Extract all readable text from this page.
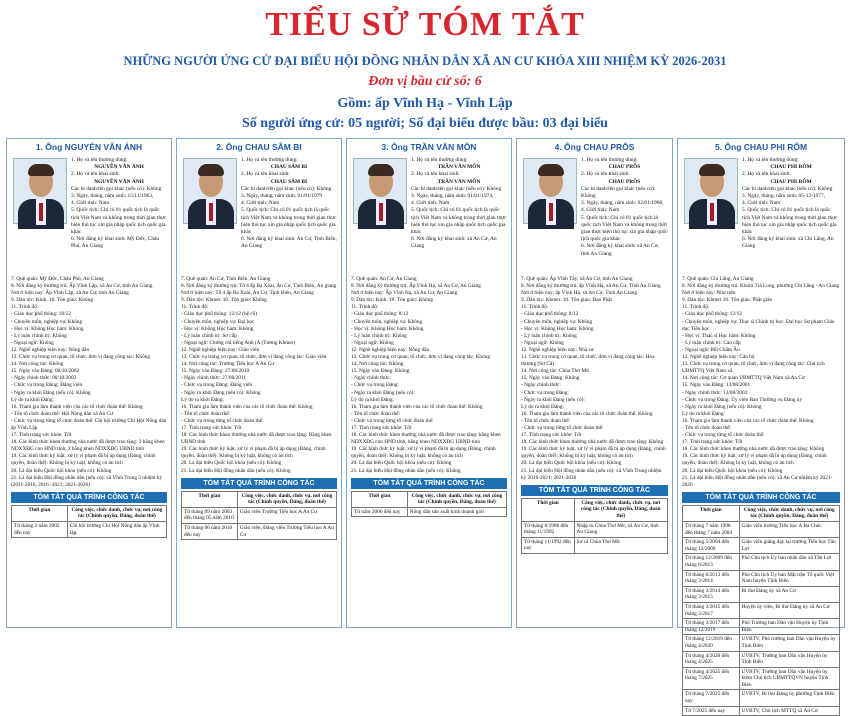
TIỂU SỬ TÓM TẮT
NHỮNG NGƯỜI ỨNG CỬ ĐẠI BIỂU HỘI ĐỒNG NHÂN DÂN XÃ AN CƯ KHÓA XIII NHIỆM KỲ 2026-2031
Đơn vị bầu cử số: 6
Gồm: ấp Vĩnh Hạ - Vĩnh Lập
Số người ứng cử: 05 người; Số đại biểu được bầu: 03 đại biểu
1. Ông NGUYỄN VĂN ÁNH
1. Họ và tên thường dùng:
NGUYỄN VĂN ÁNH
2. Họ và tên khai sinh:
NGUYỄN VĂN ÁNH
Các bí danh/tên gọi khác (nếu có): Không
3. Ngày, tháng, năm sinh: 15/11/1963,
4. Giới tính: Nam
5. Quốc tịch: Chỉ có 01 quốc tịch là quốc tịch Việt Nam và không trong thời gian thực hiện thủ tục xin gia nhập quốc tịch quốc gia khác
6. Nơi đăng ký khai sinh: Mỹ Đức, Châu Phú, An Giang
7. Quê quán: Mỹ Đức, Châu Phú, An Giang
8. Nơi đăng ký thường trú: Ấp Vĩnh Lập, xã An Cư, tỉnh An Giang
Nơi ở hiện nay: Ấp Vĩnh Lập, xã An Cư, tỉnh An Giang
9. Dân tộc: Kinh. 10. Tôn giáo: Không
11. Trình độ:
- Giáo dục phổ thông: 10/12
- Chuyên môn, nghiệp vụ: Không
- Học vị: Không Học hàm: Không
- Lý luận chính trị: Không
- Ngoại ngữ: Không
12. Nghề nghiệp hiện nay: Nông dân
13. Chức vụ trong cơ quan, tổ chức, đơn vị đang công tác: Không
14. Nơi công tác: Không
15. Ngày vào Đảng: 00/10/2002
- Ngày chính thức: 00/10/2003
- Chức vụ trong Đảng: Đảng viên
- Ngày ra khỏi Đảng (nếu có): Không
Lý do ra khỏi Đảng:
16. Tham gia làm thành viên của các tổ chức đoàn thể: Không
- Tên tổ chức đoàn thể: Hội Nông dân xã An Cư
- Chức vụ trong từng tổ chức đoàn thể: Chi hội trưởng Chi Hội Nông dân ấp Vĩnh Lập
17. Tình trạng sức khỏe: Tốt
18. Các hình thức khen thưởng nhà nước đã được trao tặng: 3 bằng khen NDXXĐG con HND tỉnh, 2 bằng khen NDXXĐG UBND tỉnh
19. Các hình thức kỷ luật, xử lý vi phạm đã bị áp dụng (Đảng, chính quyền, đoàn thể): Không bị kỷ luật, không có án tích
20. Là đại biểu Quốc hội khóa (nếu có): Không
21. Là đại biểu Hội đồng nhân dân (nếu có): xã Vĩnh Trung 3 nhiệm kỳ (2011-2016, 2016 -2021; 2021-2026)
TÓM TẮT QUÁ TRÌNH CÔNG TÁC
Thời gian	Công việc, chức danh, chức vụ, nơi công tác (Chính quyền, Đảng, đoàn thể)
Từ tháng 2 năm 2002 đến nay	Chi hội trưởng Chi Hội Nông dân ấp Vĩnh lập.
2. Ông CHAU SÂM BI
1. Họ và tên thường dùng:
CHAU SÂM BI
2. Họ và tên khai sinh:
CHAU SÂM BI
Các bí danh/tên gọi khác (nếu có): Không
3. Ngày, tháng, năm sinh: 01/01/1979
4. Giới tính: Nam
5. Quốc tịch: Chỉ có 01 quốc tịch là quốc tịch Việt Nam và không trong thời gian thực hiện thủ tục xin gia nhập quốc tịch quốc gia khác
6. Nơi đăng ký khai sinh: An Cư, Tịnh Biên, An Giang
7. Quê quán: An Cư, Tịnh Biên, An Giang
8. Nơi đăng ký thường trú: Tổ 4 ấp Ba Xoài, An Cư, Tịnh Biên, An giang
Nơi ở hiện nay: Tổ 4 ấp Ba Xoài, An Cư, Tịnh Biên, An Giang
9. Dân tộc: Khmer. 10. Tôn giáo: Không
11. Trình độ:
- Giáo dục phổ thông: 12/12 (hệ cũ)
- Chuyên môn, nghiệp vụ: Đại học
- Học vị: Không Học hàm: Không
- Lý luận chính trị: Sơ cấp
- Ngoại ngữ: Chứng chỉ tiếng Anh (A (Tương Khmer)
12. Nghề nghiệp hiện nay: Giáo viên
13. Chức vụ trong cơ quan, tổ chức, đơn vị đang công tác: Giáo viên
14. Nơi công tác: Trường Tiểu học A An Cư
15. Ngày vào Đảng: 27/08/2010
- Ngày chính thức: 27/08/2011
- Chức vụ trong Đảng: Đảng viên
- Ngày ra khỏi Đảng (nếu có): Không
Lý do ra khỏi Đảng:
16. Tham gia làm thành viên của các tổ chức đoàn thể: Không
- Tên tổ chức đoàn thể:
- Chức vụ trong từng tổ chức đoàn thể:
17. Tình trạng sức khỏe: Tốt
18. Các hình thức khen thưởng nhà nước đã được trao tặng: Bằng khen UBND tỉnh
19. Các hình thức kỷ luật, xử lý vi phạm đã bị áp dụng (Đảng, chính quyền, đoàn thể): Không bị kỷ luật, không có án tích
20. Là đại biểu Quốc hội khóa (nếu có): Không
21. Là đại biểu Hội đồng nhân dân (nếu có): Không
TÓM TẮT QUÁ TRÌNH CÔNG TÁC
Thời gian	Công việc, chức danh, chức vụ, nơi công tác (Chính quyền, Đảng, đoàn thể)
Từ tháng 09 năm 2003 đến tháng 05 năm 2010	Giáo viên Trường Tiểu học A An Cư
Từ tháng 06 năm 2010 đến nay	Giáo viên, Đảng viên Trường Tiểu học A An Cư
3. Ông TRẦN VĂN MÔN
1. Họ và tên thường dùng:
TRẦN VĂN MÔN
2. Họ và tên khai sinh:
TRẦN VĂN MÔN
Các bí danh/tên gọi khác (nếu có): Không
3. Ngày, tháng, năm sinh: 01/01/1974,
4. Giới tính: Nam
5. Quốc tịch: Chỉ có 01 quốc tịch là quốc tịch Việt Nam và không trong thời gian thực hiện thủ tục xin gia nhập quốc tịch quốc gia khác
6. Nơi đăng ký khai sinh: xã An Cư, An Giang
7. Quê quán: An Cư, An Giang
8. Nơi đăng ký thường trú: Ấp Vĩnh Hạ, xã An Cư, An Giang
Nơi ở hiện nay: Ấp Vĩnh Hạ, xã An Cư, An Giang
9. Dân tộc: Kinh. 10. Tôn giáo: Không
11. Trình độ:
- Giáo dục phổ thông: 8/12
- Chuyên môn, nghiệp vụ: Không
- Học vị: Không Học hàm: Không
- Lý luận chính trị: Không
- Ngoại ngữ: Không
12. Nghề nghiệp hiện nay: Nông dân
13. Chức vụ trong cơ quan, tổ chức, đơn vị đang công tác: Không
14. Nơi công tác: Không
15. Ngày vào Đảng: Không
- Ngày chính thức:
- Chức vụ trong Đảng:
- Ngày ra khỏi Đảng (nếu có):
Lý do ra khỏi Đảng:
16. Tham gia làm thành viên của các tổ chức đoàn thể: Không
- Tên tổ chức đoàn thể:
- Chức vụ trong từng tổ chức đoàn thể:
17. Tình trạng sức khỏe: Tốt
18. Các hình thức khen thưởng nhà nước đã được trao tặng: bằng khen NDXXĐG con HND tỉnh, bằng khen NDXXĐG UBND tỉnh
19. Các hình thức kỷ luật, xử lý vi phạm đã bị áp dụng (Đảng, chính quyền, đoàn thể): Không bị kỷ luật, không có án tích
20. Là đại biểu Quốc hội khóa (nếu có): Không
21. Là đại biểu Hội đồng nhân dân (nếu có): Không
TÓM TẮT QUÁ TRÌNH CÔNG TÁC
Thời gian	Công việc, chức danh, chức vụ, nơi công tác (Chính quyền, Đảng, đoàn thể)
Từ năm 2006 đến nay	Nông dân sản xuất kinh doanh giỏi
4. Ông CHAU PRÔS
1. Họ và tên thường dùng:
CHAU PRÔS
2. Họ và tên khai sinh:
CHAU PRÔS
Các bí danh/tên gọi khác (nếu có): Không
3. Ngày, tháng, năm sinh: 02/01/1968,
4. Giới tính: Nam
5. Quốc tịch: Chỉ có 01 quốc tịch là quốc tịch Việt Nam và không trong thời gian thực hiện thủ tục xin gia nhập quốc tịch quốc gia khác
6. Nơi đăng ký khai sinh: xã An Cư, tỉnh An Giang
7. Quê quán: Ấp Vĩnh Tây, xã An Cư, tỉnh An Giang
8. Nơi đăng ký thường trú: ấp Vĩnh Hạ, xã An Cư, Tỉnh An Giang
Nơi ở hiện nay: ấp Vĩnh Hạ, xã An Cư, Tỉnh An Giang
9. Dân tộc: Khmer. 10. Tôn giáo: Đạo Phật
11. Trình độ:
- Giáo dục phổ thông: 8/12
- Chuyên môn, nghiệp vụ: Không
- Học vị: Không Học hàm: Không
- Lý luận chính trị: Không
- Ngoại ngữ: Không
12. Nghề nghiệp hiện nay: Nhà sư
13. Chức vụ trong cơ quan, tổ chức, đơn vị đang công tác: Hòa thượng (Sư Cả)
14. Nơi công tác: Chùa Thơ Mít
15. Ngày vào Đảng: Không
- Ngày chính thức:
- Chức vụ trong Đảng:
- Ngày ra khỏi Đảng (nếu có):
Lý do ra khỏi Đảng:
16. Tham gia làm thành viên của các tổ chức đoàn thể: Không
- Tên tổ chức đoàn thể:
- Chức vụ trong từng tổ chức đoàn thể:
17. Tình trạng sức khỏe: Tốt
18. Các hình thức khen thưởng nhà nước đã được trao tặng: Không
19. Các hình thức kỷ luật, xử lý vi phạm đã bị áp dụng (Đảng, chính quyền, đoàn thể): Không bị kỷ luật, không có án tích
20. Là đại biểu Quốc hội khóa (nếu có): Không
21. Là đại biểu Hội đồng nhân dân (nếu có): xã Vĩnh Trung nhiệm kỳ 2016-2021; 2021-2026
TÓM TẮT QUÁ TRÌNH CÔNG TÁC
Thời gian	Công việc, chức danh, chức vụ, nơi công tác (Chính quyền, Đảng, đoàn thể)
Từ tháng 6/1980 đến tháng 11/1992	Nhập tu Chùa Thơ Mít, xã An Cư, tỉnh An Giang
Từ tháng 11/1992 đến nay	Sư cả Chùa Thơ Mít
5. Ông CHAU PHI RÔM
1. Họ và tên thường dùng:
CHAU PHI RÔM
2. Họ và tên khai sinh:
CHAU PHI RÔM
Các bí danh/tên gọi khác (nếu có): Không
3. Ngày, tháng, năm sinh: 05-12-1977,
4. Giới tính: Nam
5. Quốc tịch: Chỉ có 01 quốc tịch là quốc tịch Việt Nam và không trong thời gian thực hiện thủ tục xin gia nhập quốc tịch quốc gia khác
6. Nơi đăng ký khai sinh: xã Chi Lăng, An Giang
7. Quê quán: Chi Lăng, An Giang
8. Nơi đăng ký thường trú: Khóm Trà Long, phường Chi Lăng - An Giang
Nơi ở hiện nay: Như trên
9. Dân tộc: Khmer 10. Tôn giáo: Phật giáo
11. Trình độ:
- Giáo dục phổ thông: 12/12
- Chuyên môn, nghiệp vụ: Thạc sĩ Chính trị học, Đại học Sư phạm Giáo dục Tiểu học
- Học vị: Thạc sĩ Học hàm: Không
- Lý luận chính trị: Cao cấp
- Ngoại ngữ: Bồi Chẩm Âu
12. Nghề nghiệp hiện nay: Cán bộ
13. Chức vụ trong cơ quan, tổ chức, đơn vị đang công tác: Chủ tịch UBMTTQ Việt Nam xã
14. Nơi công tác: Cơ quan UBMTTQ Việt Nam xã An Cư
15. Ngày vào Đảng: 13/08/2001
- Ngày chính thức: 13/08/2002
- Chức vụ trong Đảng: Ủy viên Ban Thường vụ Đảng ủy
- Ngày ra khỏi Đảng (nếu có): Không
Lý do ra khỏi Đảng:
16. Tham gia làm thành viên của các tổ chức đoàn thể: Không
- Tên tổ chức đoàn thể:
- Chức vụ trong từng tổ chức đoàn thể:
17. Tình trạng sức khỏe: Tốt
18. Các hình thức khen thưởng nhà nước đã được trao tặng: Không
19. Các hình thức kỷ luật, xử lý vi phạm đã bị áp dụng (Đảng, chính quyền, đoàn thể): Không bị kỷ luật, không có án tích
20. Là đại biểu Quốc hội khóa (nếu có): Không
21. Là đại biểu Hội đồng nhân dân (nếu có): xã An Cư nhiệm kỳ 2021-2026
TÓM TẮT QUÁ TRÌNH CÔNG TÁC
Thời gian	Công việc, chức danh, chức vụ, nơi công tác (Chính quyền, Đảng, đoàn thể)
Từ tháng 7 năm 1998 đến tháng 7 năm 2004	Giáo viên trường Tiểu học A Ba Chúc
Từ tháng 5/2004 đến tháng 12/2009	Giáo viên giảng dạy tại trường Tiểu học Tân Lợi
Từ tháng 12/2009 đến tháng 6/2013	Phó Chủ tịch Ủy ban nhân dân xã Tân Lợi
Từ tháng 6/2013 đến tháng 3/2014	Phó Chủ tịch Ủy ban Mặt trận Tổ quốc Việt Nam huyện Tịnh Biên
Từ tháng 3/2014 đến tháng 3/2015	Bí thư Đảng ủy xã An Cư
Từ tháng 3/2015 đến tháng 3/2017	Huyện ủy viên, Bí thư Đảng ủy xã An Cư
Từ tháng 3/2017 đến tháng 12/2019	Phó Trưởng ban Dân vận Huyện ủy Tịnh Biên
Từ tháng 12/2019 đến tháng 4/2020	UVBTV, Phó trưởng ban Dân vận Huyện ủy Tịnh Biên
Từ tháng 4/2020 đến tháng 4/2025	UVBTV, Trưởng ban Dân vận Huyện ủy Tịnh Biên
Từ tháng 4/2025 đến tháng 7/2025	UVBTV, Trưởng ban Dân vận Huyện ủy kiêm Chủ tịch UBMTTQVN huyện Tịnh Biên
Từ tháng 7/2025 đến nay	UVBTV, Bí thư Đảng ủy phường Tịnh Biên
Từ 7/2025 đến nay	UVBTV, Chủ tịch MTTQ xã An Cư
